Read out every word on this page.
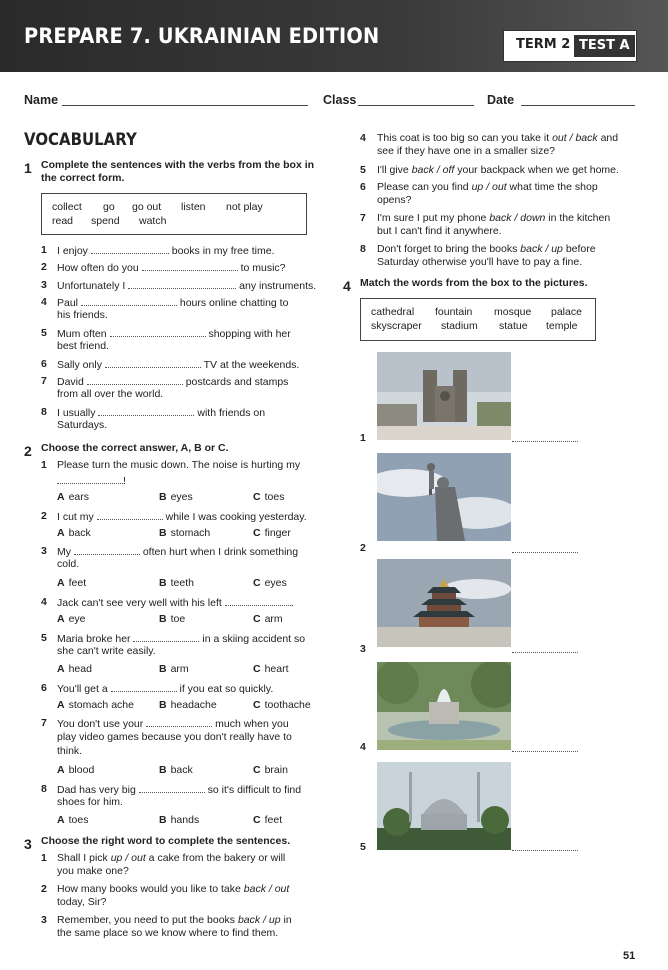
PREPARE 7. UKRAINIAN EDITION	TERM 2 TEST A
Name	Class	Date
VOCABULARY
1 Complete the sentences with the verbs from the box in the correct form.
collect go go out listen not play
read spend watch
1 I enjoy	books in my free time.
2 How often do you	to music?
3 Unfortunately I	any instruments.
4 Paul	hours online chatting to
his friends.
5 Mum often	shopping with her
best friend.
6 Sally only	TV at the weekends.
7 David	postcards and stamps
from all over the world.
8 I usually	with friends on
Saturdays.
2 Choose the correct answer, A, B or C.
1 Please turn the music down. The noise is hurting my
!
A ears	B eyes	C toes
2 I cut my	while I was cooking yesterday.
A back	B stomach	C finger
3 My	often hurt when I drink something
cold.
A feet	B teeth	C eyes
4 Jack can't see very well with his left	.
A eye	B toe	C arm
5 Maria broke her	in a skiing accident so
she can't write easily.
A head	B arm	C heart
6 You'll get a	if you eat so quickly.
A stomach ache B headache	C toothache
7 You don't use your	much when you
play video games because you don't really have to
think.
A blood	B back	C brain
8 Dad has very big	so it's difficult to find
shoes for him.
A toes	B hands	C feet
3 Choose the right word to complete the sentences.
1 Shall I pick up / out a cake from the bakery or will
you make one?
2 How many books would you like to take back / out
today, Sir?
3 Remember, you need to put the books back / up in
the same place so we know where to find them.
4 This coat is too big so can you take it out / back and
see if they have one in a smaller size?
5 I'll give back / off your backpack when we get home.
6 Please can you find up / out what time the shop
opens?
7 I'm sure I put my phone back / down in the kitchen
but I can't find it anywhere.
8 Don't forget to bring the books back / up before
Saturday otherwise you'll have to pay a fine.
4 Match the words from the box to the pictures.
cathedral fountain mosque palace
skyscraper stadium statue temple
1
2
3
4
5
51
